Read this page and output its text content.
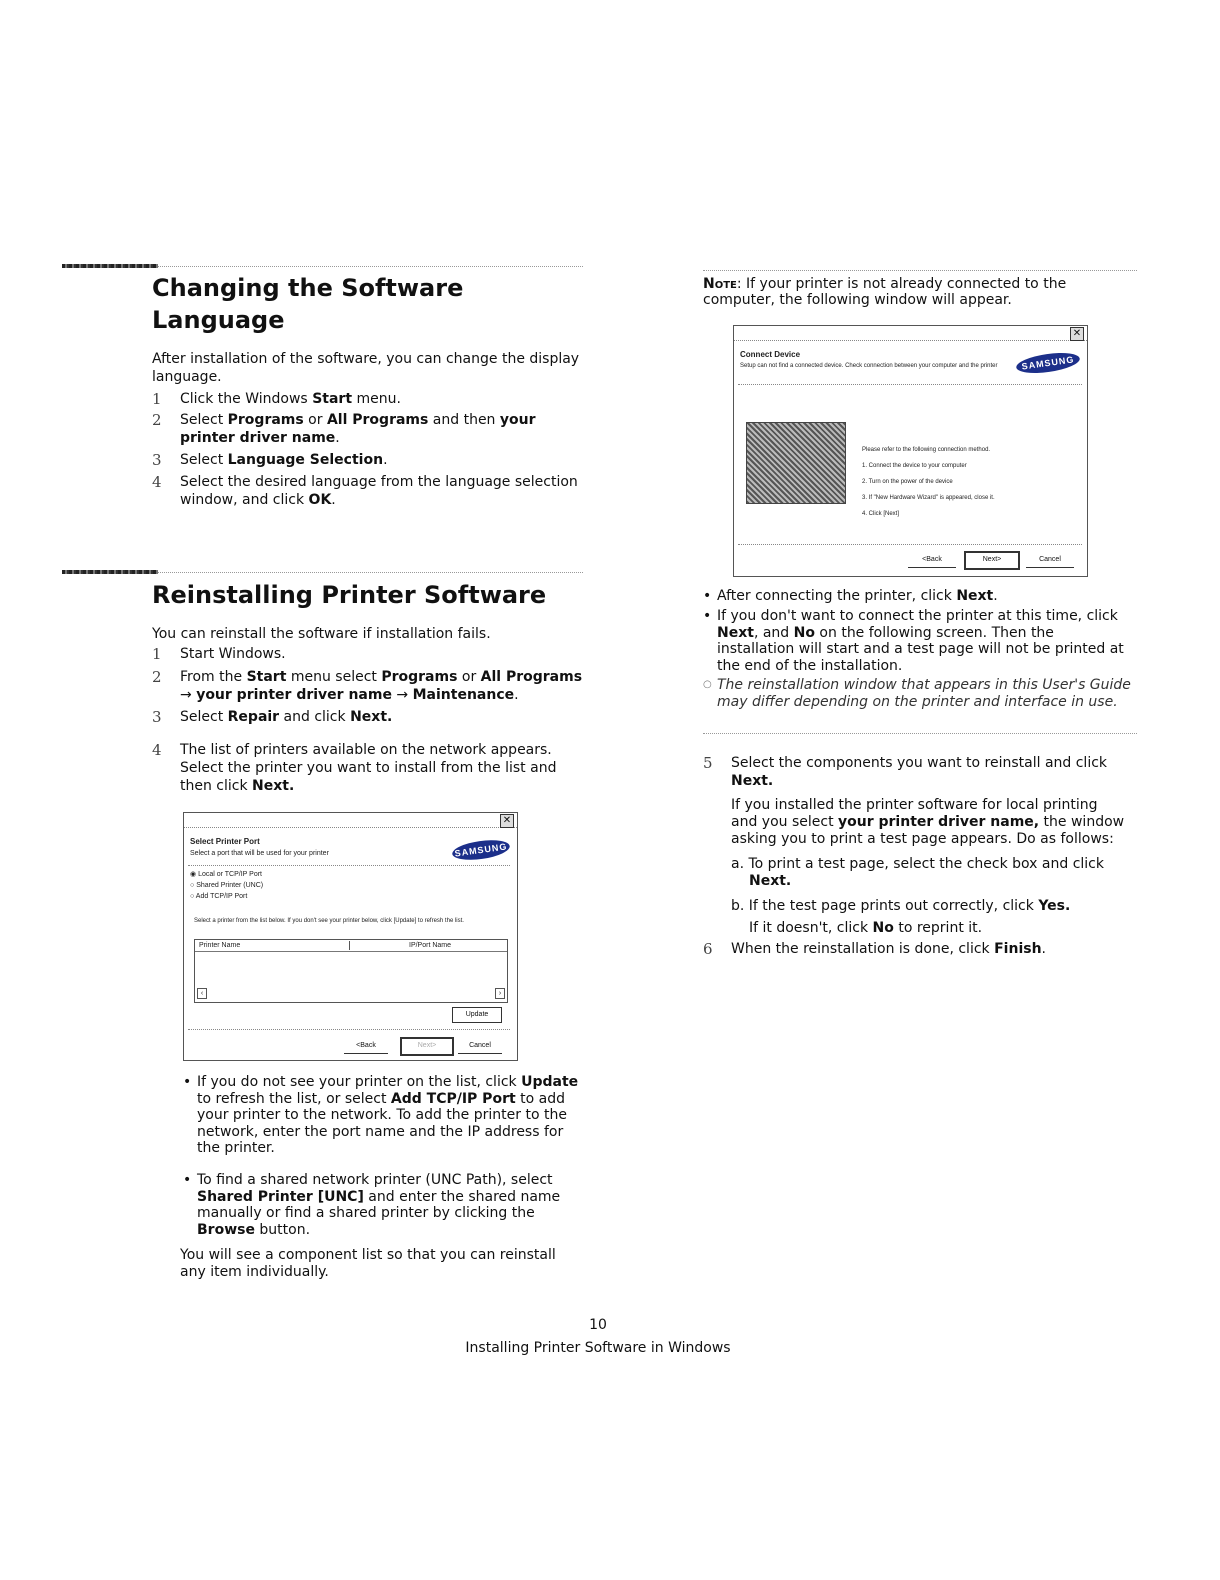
Changing the Software
Language

After installation of the software, you can change the display language.

1 Click the Windows Start menu.
2 Select Programs or All Programs and then your printer driver name.
3 Select Language Selection.
4 Select the desired language from the language selection window, and click OK.
Reinstalling Printer Software

You can reinstall the software if installation fails.

1 Start Windows.
2 From the Start menu select Programs or All Programs → your printer driver name → Maintenance.
3 Select Repair and click Next.
4 The list of printers available on the network appears. Select the printer you want to install from the list and then click Next.
✕
Select Printer Port
Select a port that will be used for your printer	SAMSUNG
◉ Local or TCP/IP Port
○ Shared Printer (UNC)
○ Add TCP/IP Port
Select a printer from the list below. If you don't see your printer below, click [Update] to refresh the list.
Printer Name	IP/Port Name
‹	›
Update
<Back	Next>	Cancel
• If you do not see your printer on the list, click Update to refresh the list, or select Add TCP/IP Port to add your printer to the network. To add the printer to the network, enter the port name and the IP address for the printer.
• To find a shared network printer (UNC Path), select Shared Printer [UNC] and enter the shared name manually or find a shared printer by clicking the Browse button.

You will see a component list so that you can reinstall any item individually.

Note: If your printer is not already connected to the computer, the following window will appear.

✕
Connect Device
Setup can not find a connected device. Check connection between your computer and the printer	SAMSUNG
Please refer to the following connection method.
1. Connect the device to your computer
2. Turn on the power of the device
3. If "New Hardware Wizard" is appeared, close it.
4. Click [Next]
<Back	Next>	Cancel
• After connecting the printer, click Next.
• If you don't want to connect the printer at this time, click Next, and No on the following screen. Then the installation will start and a test page will not be printed at the end of the installation.
○ The reinstallation window that appears in this User's Guide may differ depending on the printer and interface in use.
5 Select the components you want to reinstall and click Next.

If you installed the printer software for local printing and you select your printer driver name, the window asking you to print a test page appears. Do as follows:

a. To print a test page, select the check box and click Next.

b. If the test page prints out correctly, click Yes.

If it doesn't, click No to reprint it.

6 When the reinstallation is done, click Finish.
10
Installing Printer Software in Windows
